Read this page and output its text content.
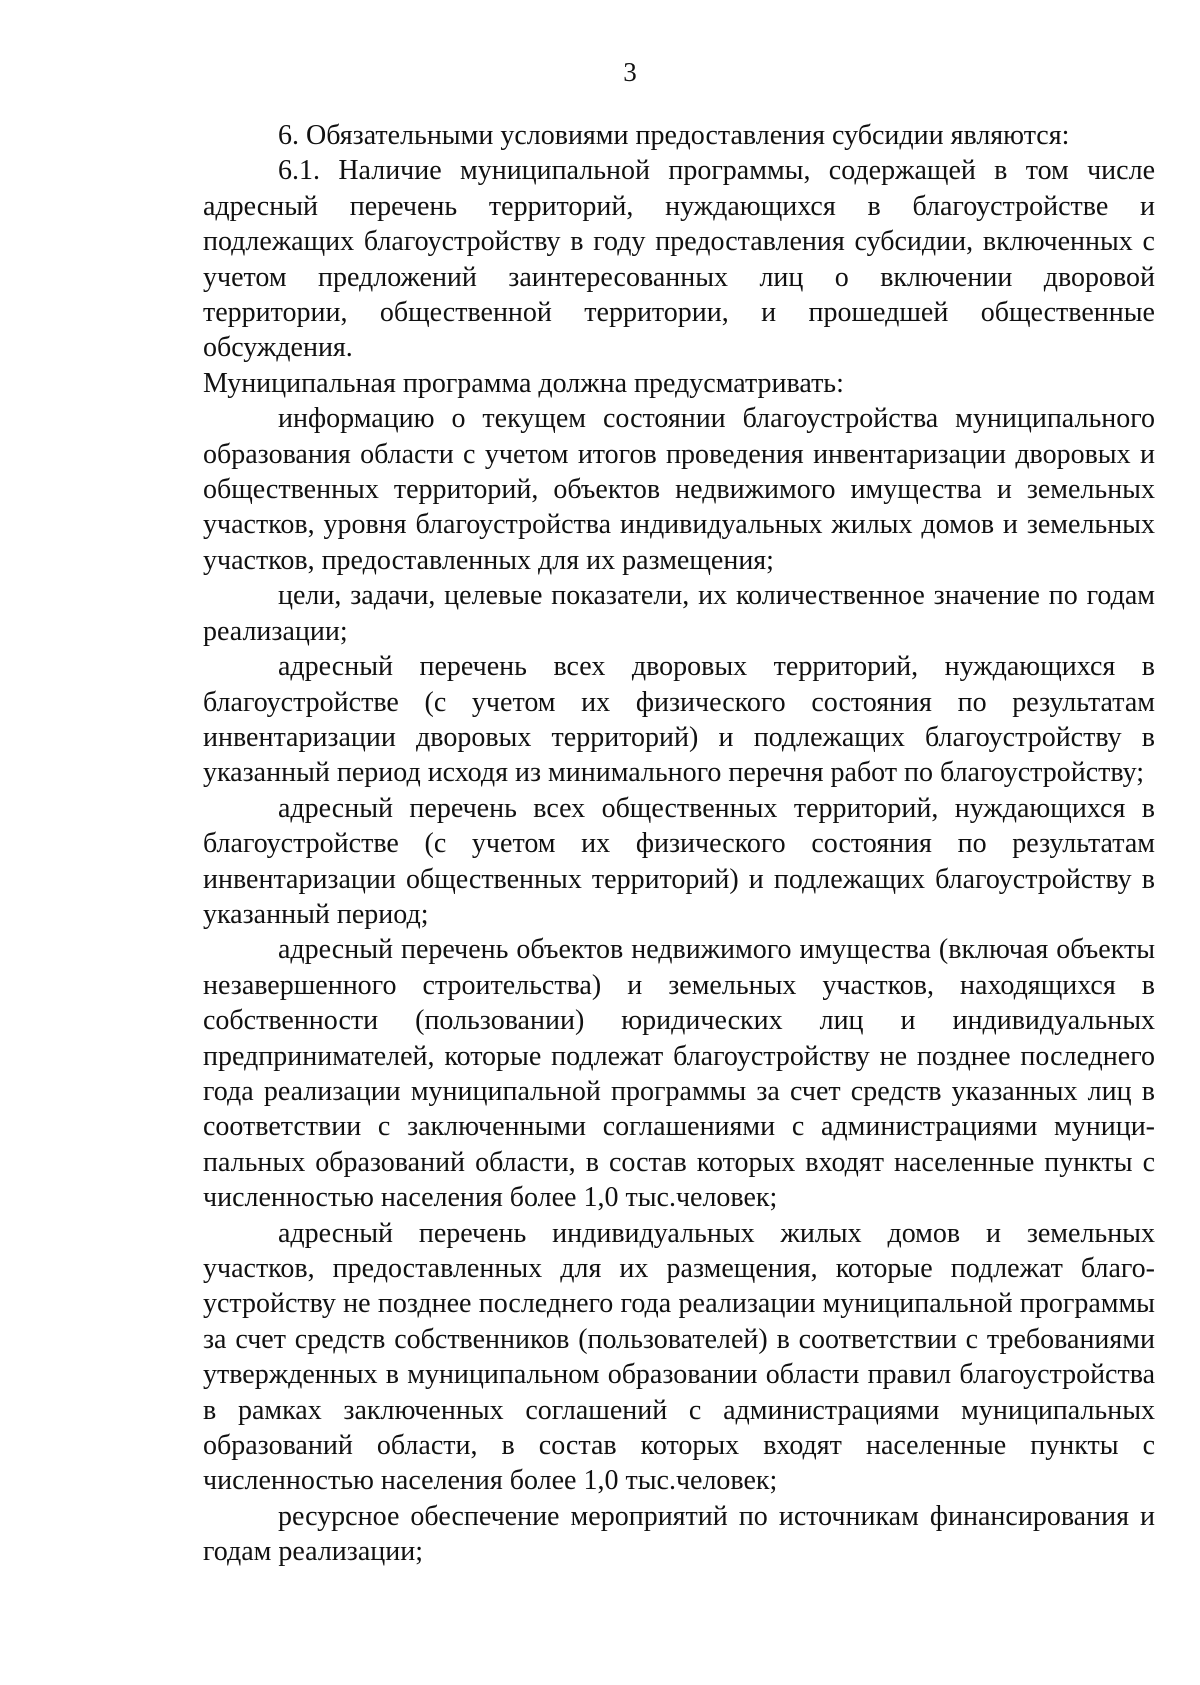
3

6. Обязательными условиями предоставления субсидии являются:

6.1. Наличие муниципальной программы, содержащей в том числе адресный перечень территорий, нуждающихся в благоустройстве и подлежащих благоустройству в году предоставления субсидии, включенных с учетом предложений заинтересованных лиц о включении дворовой территории, общественной территории, и прошедшей общественные обсуждения.

Муниципальная программа должна предусматривать:

информацию о текущем состоянии благоустройства муниципального образования области с учетом итогов проведения инвентаризации дворовых и общественных территорий, объектов недвижимого имущества и земельных участков, уровня благоустройства индивидуальных жилых домов и земельных участков, предоставленных для их размещения;

цели, задачи, целевые показатели, их количественное значение по годам реализации;

адресный перечень всех дворовых территорий, нуждающихся в благоустройстве (с учетом их физического состояния по результатам инвентаризации дворовых территорий) и подлежащих благоустройству в указанный период исходя из минимального перечня работ по благоустройству;

адресный перечень всех общественных территорий, нуждающихся в благоустройстве (с учетом их физического состояния по результатам инвентаризации общественных территорий) и подлежащих благоустройству в указанный период;

адресный перечень объектов недвижимого имущества (включая объекты незавершенного строительства) и земельных участков, находящихся в собственности (пользовании) юридических лиц и индивидуальных предпринимателей, которые подлежат благоустройству не позднее последнего года реализации муниципальной программы за счет средств указанных лиц в соответствии с заключенными соглашениями с администрациями муници-пальных образований области, в состав которых входят населенные пункты с численностью населения более 1,0 тыс.человек;

адресный перечень индивидуальных жилых домов и земельных участков, предоставленных для их размещения, которые подлежат благо-устройству не позднее последнего года реализации муниципальной программы за счет средств собственников (пользователей) в соответствии с требованиями утвержденных в муниципальном образовании области правил благоустройства в рамках заключенных соглашений с администрациями муниципальных образований области, в состав которых входят населенные пункты с численностью населения более 1,0 тыс.человек;

ресурсное обеспечение мероприятий по источникам финансирования и годам реализации;
